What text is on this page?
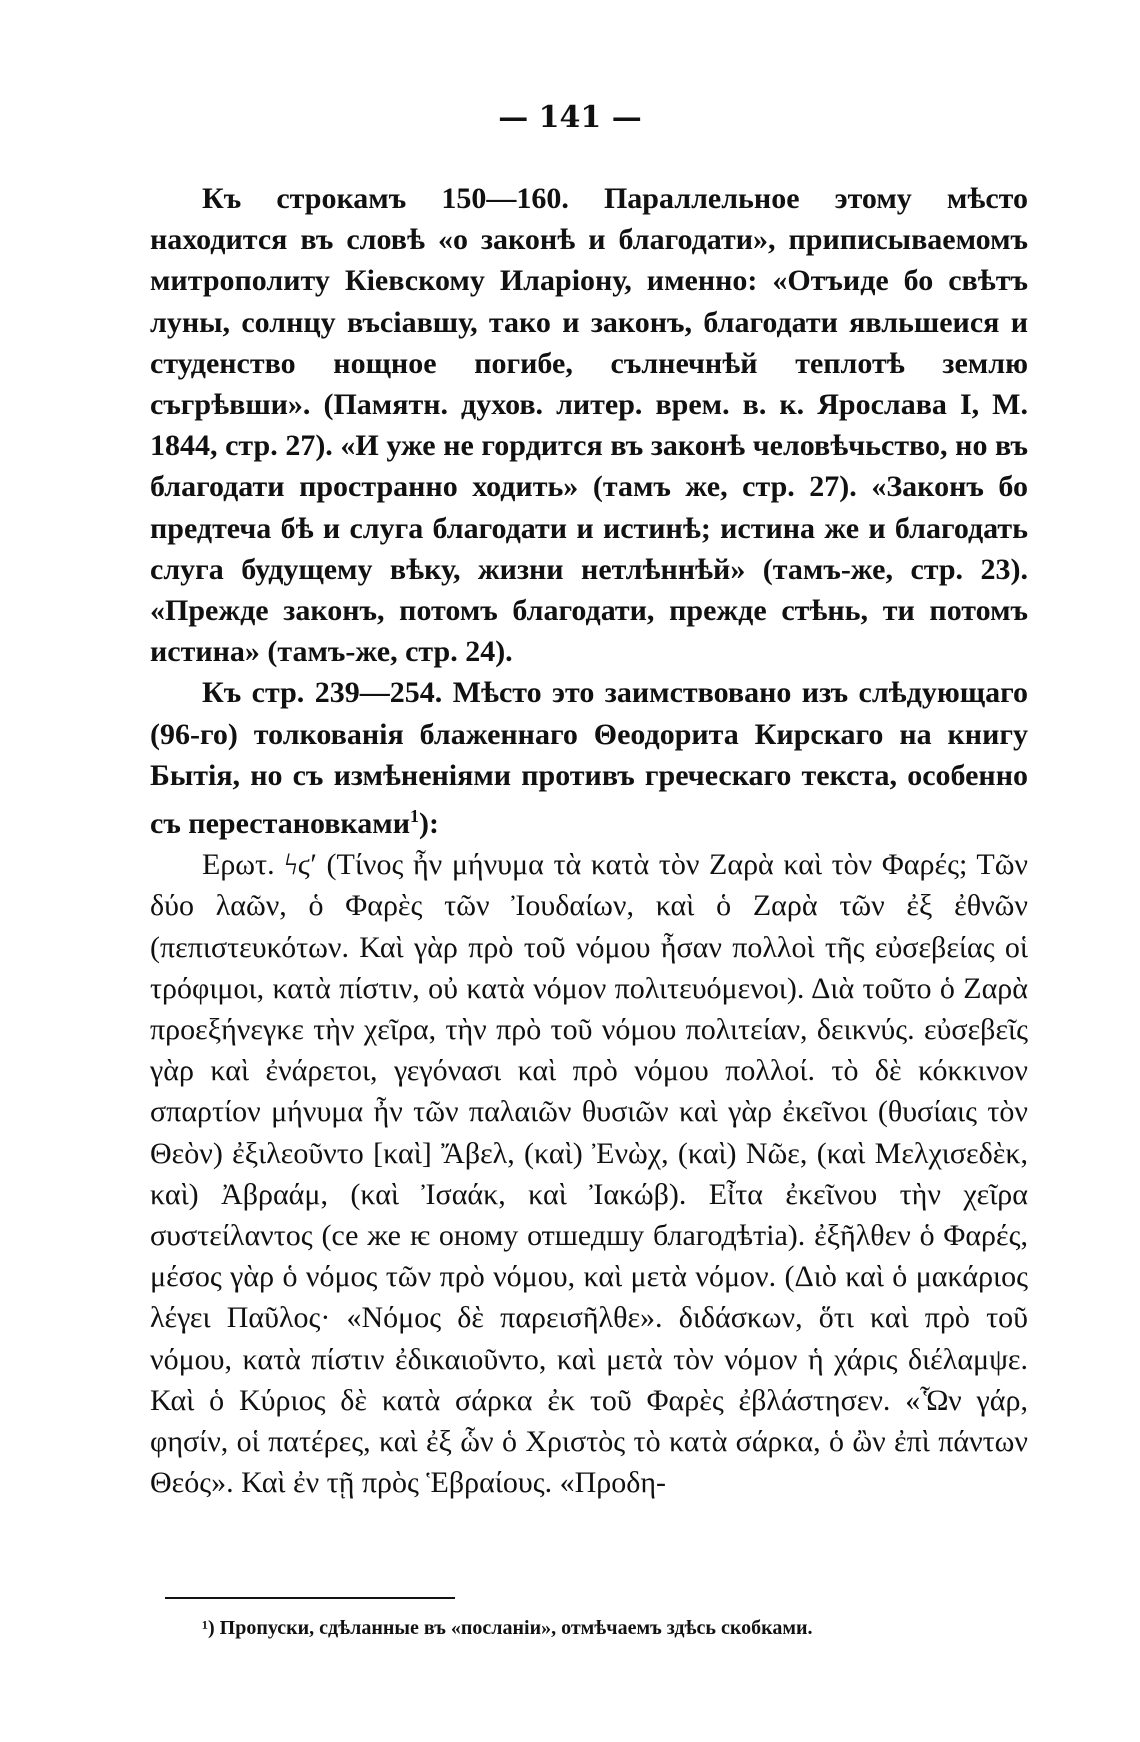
— 141 —

Къ строкамъ 150—160. Параллельное этому мѣсто находится въ словѣ «о законѣ и благодати», приписываемомъ митрополиту Кіевскому Иларіону, именно: «Отъиде бо свѣтъ луны, солнцу въсіавшу, тако и законъ, благодати явльшеися и студенство нощное погибе, сълнечнѣй теплотѣ землю съгрѣвши». (Памятн. духов. литер. врем. в. к. Ярослава I, М. 1844, стр. 27). «И уже не гордится въ законѣ человѣчьство, но въ благодати пространно ходить» (тамъ же, стр. 27). «Законъ бо предтеча бѣ и слуга благодати и истинѣ; истина же и благодать слуга будущему вѣку, жизни нетлѣннѣй» (тамъ-же, стр. 23). «Прежде законъ, потомъ благодати, прежде стѣнь, ти потомъ истина» (тамъ-же, стр. 24).

Къ стр. 239—254. Мѣсто это заимствовано изъ слѣдующаго (96-го) толкованія блаженнаго Θеодорита Кирскаго на книгу Бытія, но съ измѣненіями противъ греческаго текста, особенно съ перестановками$^1$):

Ερωτ. ϟϛʹ (Τίνος ἦν μήνυμα τὰ κατὰ τὸν Ζαρὰ καὶ τὸν Φαρές; Τῶν δύο λαῶν, ὁ Φαρὲς τῶν Ἰουδαίων, καὶ ὁ Ζαρὰ τῶν ἐξ ἐθνῶν (πεπιστευκότων. Καὶ γὰρ πρὸ τοῦ νόμου ἦσαν πολλοὶ τῆς εὐσεβείας οἱ τρόφιμοι, κατὰ πίστιν, οὐ κατὰ νόμον πολιτευόμενοι). Διὰ τοῦτο ὁ Ζαρὰ προεξήνεγκε τὴν χεῖρα, τὴν πρὸ τοῦ νόμου πολιτείαν, δεικνύς. εὐσεβεῖς γὰρ καὶ ἐνάρετοι, γεγόνασι καὶ πρὸ νόμου πολλοί. τὸ δὲ κόκκινον σπαρτίον μήνυμα ἦν τῶν παλαιῶν θυσιῶν καὶ γὰρ ἐκεῖνοι (θυσίαις τὸν Θεὸν) ἐξιλεοῦντο [καὶ] Ἄβελ, (καὶ) Ἐνὼχ, (καὶ) Νῶε, (καὶ Μελχισεδὲκ, καὶ) Ἀβραάμ, (καὶ Ἰσαάκ, καὶ Ἰακώβ). Εἶτα ἐκεῖνου τὴν χεῖρα συστείλαντος (се же ѥ оному отшедшу благодѣтіа). ἐξῆλθεν ὁ Φαρές, μέσος γὰρ ὁ νόμος τῶν πρὸ νόμου, καὶ μετὰ νόμον. (Διὸ καὶ ὁ μακάριος λέγει Παῦλος· «Νόμος δὲ παρεισῆλθε». διδάσκων, ὅτι καὶ πρὸ τοῦ νόμου, κατὰ πίστιν ἐδικαιοῦντο, καὶ μετὰ τὸν νόμον ἡ χάρις διέλαμψε. Καὶ ὁ Κύριος δὲ κατὰ σάρκα ἐκ τοῦ Φαρὲς ἐβλάστησεν. «Ὧν γάρ, φησίν, οἱ πατέρες, καὶ ἐξ ὧν ὁ Χριστὸς τὸ κατὰ σάρκα, ὁ ὢν ἐπὶ πάντων Θεός». Καὶ ἐν τῇ πρὸς Ἑβραίους. «Προδη-

¹) Пропуски, сдѣланные въ «посланіи», отмѣчаемъ здѣсь скобками.
